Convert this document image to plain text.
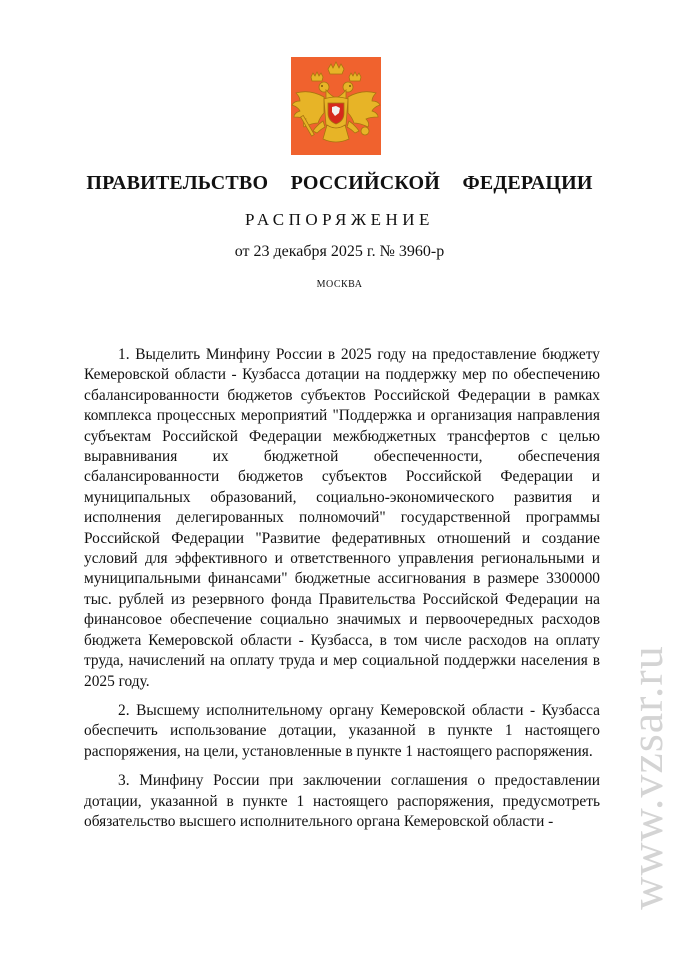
ПРАВИТЕЛЬСТВО  РОССИЙСКОЙ  ФЕДЕРАЦИИ
РАСПОРЯЖЕНИЕ
от 23 декабря 2025 г. № 3960-р
МОСКВА

1. Выделить Минфину России в 2025 году на предоставление бюджету Кемеровской области - Кузбасса дотации на поддержку мер по обеспечению сбалансированности бюджетов субъектов Российской Федерации в рамках комплекса процессных мероприятий "Поддержка и организация направления субъектам Российской Федерации межбюджетных трансфертов с целью выравнивания их бюджетной обеспеченности, обеспечения сбалансированности бюджетов субъектов Российской Федерации и муниципальных образований, социально-экономического развития и исполнения делегированных полномочий" государственной программы Российской Федерации "Развитие федеративных отношений и создание условий для эффективного и ответственного управления региональными и муниципальными финансами" бюджетные ассигнования в размере 3300000 тыс. рублей из резервного фонда Правительства Российской Федерации на финансовое обеспечение социально значимых и первоочередных расходов бюджета Кемеровской области - Кузбасса, в том числе расходов на оплату труда, начислений на оплату труда и мер социальной поддержки населения в 2025 году.

2. Высшему исполнительному органу Кемеровской области - Кузбасса обеспечить использование дотации, указанной в пункте 1 настоящего распоряжения, на цели, установленные в пункте 1 настоящего распоряжения.

3. Минфину России при заключении соглашения о предоставлении дотации, указанной в пункте 1 настоящего распоряжения, предусмотреть обязательство высшего исполнительного органа Кемеровской области -	www.vzsar.ru
